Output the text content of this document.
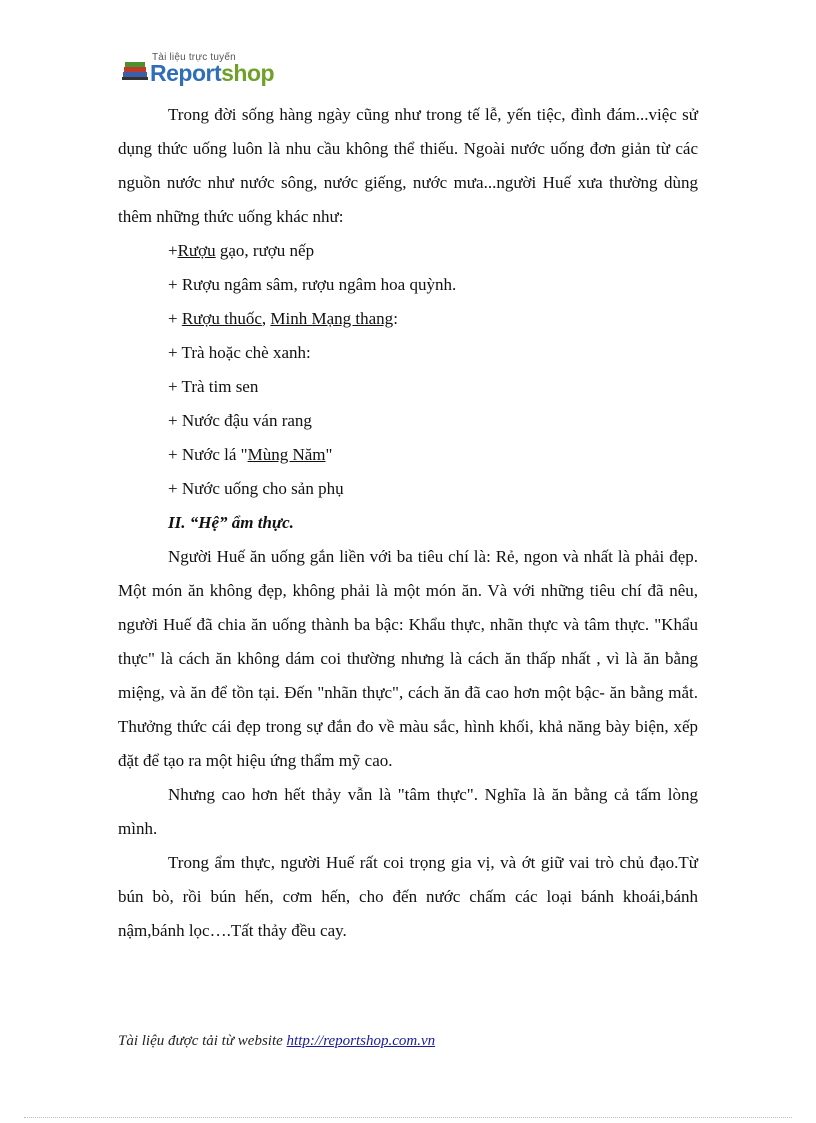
Tài liệu trực tuyến
Reportshop

Trong đời sống hàng ngày cũng như trong tế lễ, yến tiệc, đình đám...việc sử dụng thức uống luôn là nhu cầu không thể thiếu. Ngoài nước uống đơn giản từ các nguồn nước như nước sông, nước giếng, nước mưa...người Huế xưa thường dùng thêm những thức uống khác như:

+Rượu gạo, rượu nếp

+ Rượu ngâm sâm, rượu ngâm hoa quỳnh.

+ Rượu thuốc, Minh Mạng thang:

+ Trà hoặc chè xanh:

+ Trà tim sen

+ Nước đậu ván rang

+ Nước lá "Mùng Năm"

+ Nước uống cho sản phụ

II. “Hệ” ẩm thực.

Người Huế ăn uống gắn liền với ba tiêu chí là: Rẻ, ngon và nhất là phải đẹp. Một món ăn không đẹp, không phải là một món ăn. Và với những tiêu chí đã nêu, người Huế đã chia ăn uống thành ba bậc: Khẩu thực, nhãn thực và tâm thực. "Khẩu thực" là cách ăn không dám coi thường nhưng là cách ăn thấp nhất , vì là ăn bằng miệng, và ăn để tồn tại. Đến "nhãn thực", cách ăn đã cao hơn một bậc- ăn bằng mắt. Thưởng thức cái đẹp trong sự đắn đo về màu sắc, hình khối, khả năng bày biện, xếp đặt để tạo ra một hiệu ứng thẩm mỹ cao.

Nhưng cao hơn hết thảy vẫn là "tâm thực". Nghĩa là ăn bằng cả tấm lòng mình.

Trong ẩm thực, người Huế rất coi trọng gia vị, và ớt giữ vai trò chủ đạo.Từ bún bò, rồi bún hến, cơm hến, cho đến nước chấm các loại bánh khoái,bánh nậm,bánh lọc….Tất thảy đều cay.

Tài liệu được tải từ website http://reportshop.com.vn
